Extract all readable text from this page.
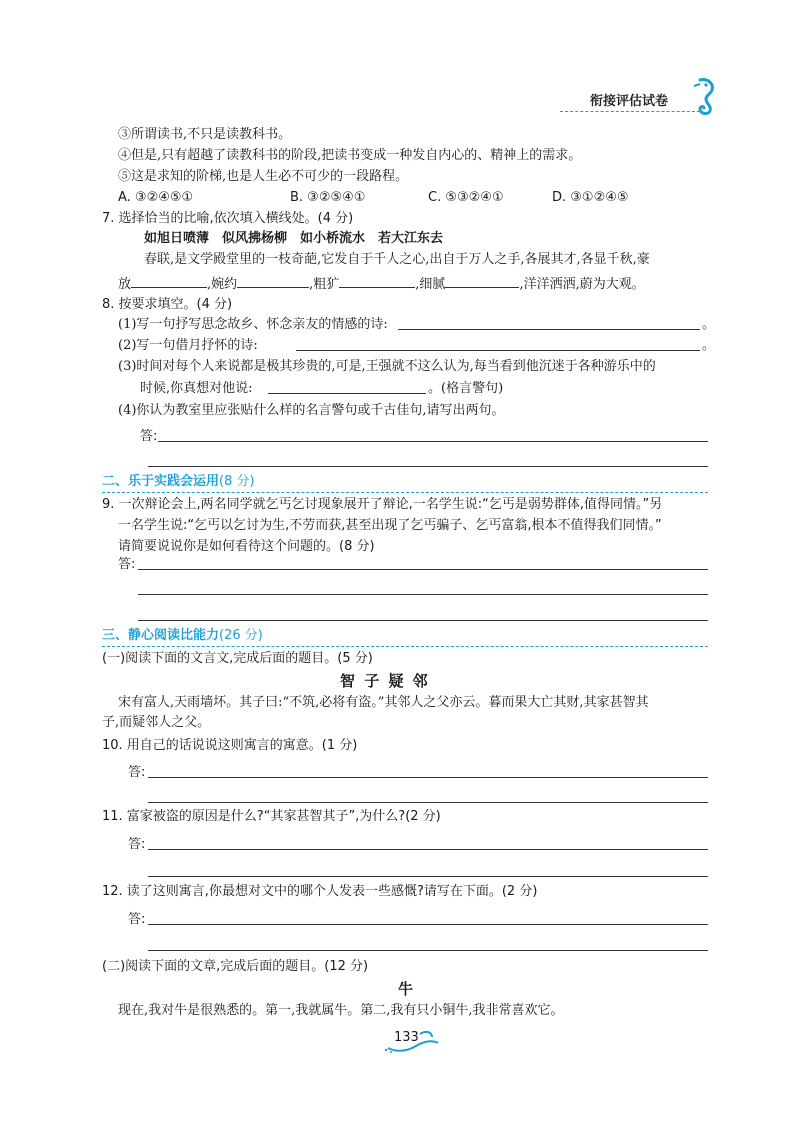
衔接评估试卷
③所谓读书,不只是读教科书。
④但是,只有超越了读教科书的阶段,把读书变成一种发自内心的、精神上的需求。
⑤这是求知的阶梯,也是人生必不可少的一段路程。
A. ③②④⑤①	B. ③②⑤④①	C. ⑤③②④①	D. ③①②④⑤
7. 选择恰当的比喻,依次填入横线处。(4 分)
如旭日喷薄　似风拂杨柳　如小桥流水　若大江东去
春联,是文学殿堂里的一枝奇葩,它发自于千人之心,出自于万人之手,各展其才,各显千秋,豪
放	,婉约	,粗犷	,细腻	,洋洋洒洒,蔚为大观。
8. 按要求填空。(4 分)
(1)写一句抒写思念故乡、怀念亲友的情感的诗:	。
(2)写一句借月抒怀的诗:	。
(3)时间对每个人来说都是极其珍贵的,可是,王强就不这么认为,每当看到他沉迷于各种游乐中的
时候,你真想对他说:	。(格言警句)
(4)你认为教室里应张贴什么样的名言警句或千古佳句,请写出两句。
答:
二、乐于实践会运用(8 分)
9. 一次辩论会上,两名同学就乞丐乞讨现象展开了辩论,一名学生说:“乞丐是弱势群体,值得同情。”另
一名学生说:“乞丐以乞讨为生,不劳而获,甚至出现了乞丐骗子、乞丐富翁,根本不值得我们同情。”
请简要说说你是如何看待这个问题的。(8 分)
答:
三、静心阅读比能力(26 分)
(一)阅读下面的文言文,完成后面的题目。(5 分)
智 子 疑 邻
宋有富人,天雨墙坏。其子曰:“不筑,必将有盗。”其邻人之父亦云。暮而果大亡其财,其家甚智其
子,而疑邻人之父。
10. 用自己的话说说这则寓言的寓意。(1 分)
答:
11. 富家被盗的原因是什么?“其家甚智其子”,为什么?(2 分)
答:
12. 读了这则寓言,你最想对文中的哪个人发表一些感慨?请写在下面。(2 分)
答:
(二)阅读下面的文章,完成后面的题目。(12 分)
牛
现在,我对牛是很熟悉的。第一,我就属牛。第二,我有只小铜牛,我非常喜欢它。
133
